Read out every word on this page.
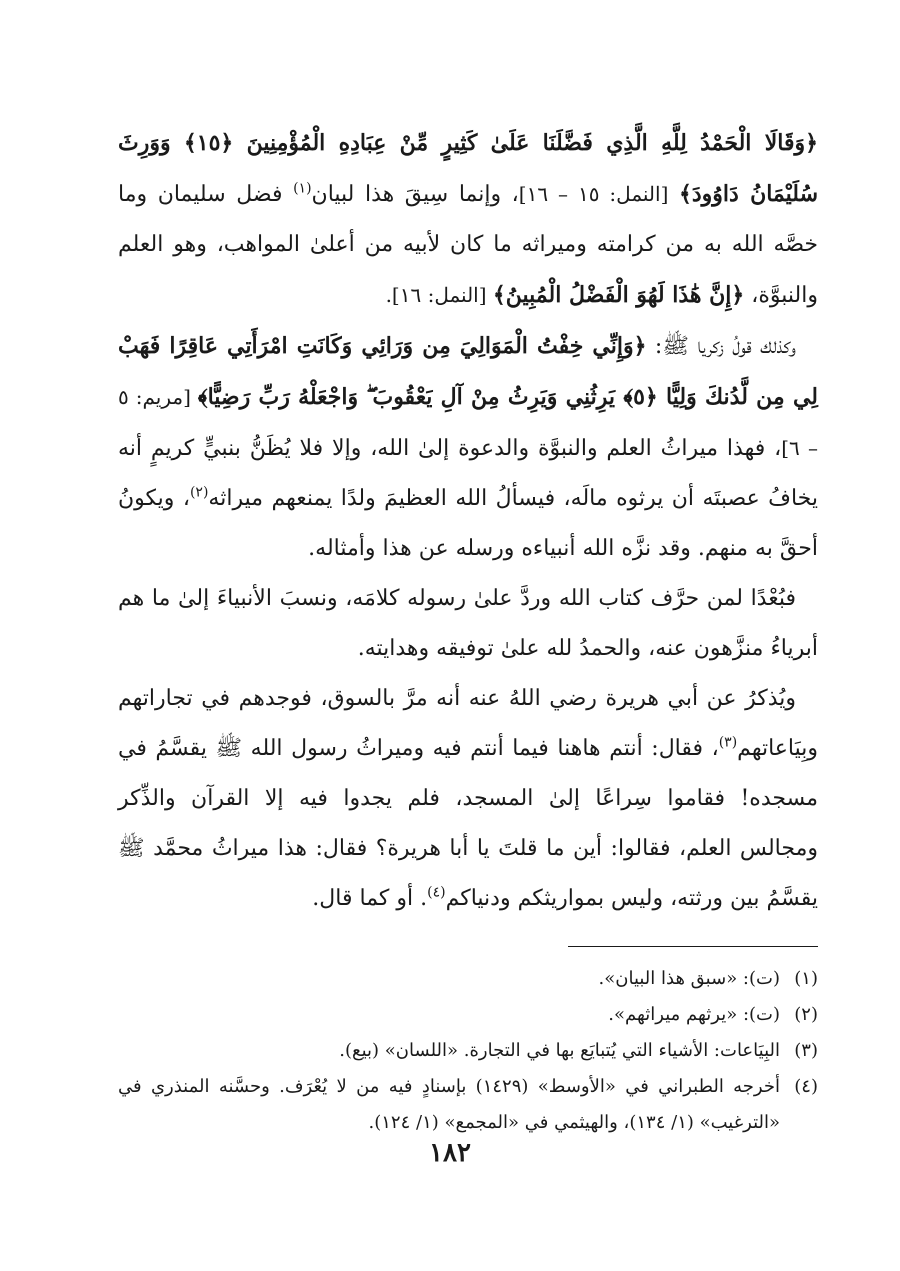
﴿وَقَالَا الْحَمْدُ لِلَّهِ الَّذِي فَضَّلَنَا عَلَىٰ كَثِيرٍ مِّنْ عِبَادِهِ الْمُؤْمِنِينَ ﴿١٥﴾ وَوَرِثَ سُلَيْمَانُ دَاوُودَ﴾ [النمل: ١٥ – ١٦]، وإنما سِيقَ هذا لبيان$^{(١)}$ فضل سليمان وما خصَّه الله به من كرامته وميراثه ما كان لأبيه من أعلىٰ المواهب، وهو العلم والنبوَّة، ﴿إِنَّ هَٰذَا لَهُوَ الْفَضْلُ الْمُبِينُ﴾ [النمل: ١٦].

وكذلك قولُ زكريا ﷺ: ﴿وَإِنِّي خِفْتُ الْمَوَالِيَ مِن وَرَائِي وَكَانَتِ امْرَأَتِي عَاقِرًا فَهَبْ لِي مِن لَّدُنكَ وَلِيًّا ﴿٥﴾ يَرِثُنِي وَيَرِثُ مِنْ آلِ يَعْقُوبَ ۖ وَاجْعَلْهُ رَبِّ رَضِيًّا﴾ [مريم: ٥ – ٦]، فهذا ميراثُ العلم والنبوَّة والدعوة إلىٰ الله، وإلا فلا يُظَنُّ بنبيٍّ كريمٍ أنه يخافُ عصبتَه أن يرثوه مالَه، فيسألُ الله العظيمَ ولدًا يمنعهم ميراثه$^{(٢)}$، ويكونُ أحقَّ به منهم. وقد نزَّه الله أنبياءه ورسله عن هذا وأمثاله.

فبُعْدًا لمن حرَّف كتاب الله وردَّ علىٰ رسوله كلامَه، ونسبَ الأنبياءَ إلىٰ ما هم أبرياءُ منزَّهون عنه، والحمدُ لله علىٰ توفيقه وهدايته.

ويُذكرُ عن أبي هريرة رضي اللهُ عنه أنه مرَّ بالسوق، فوجدهم في تجاراتهم وبِيَاعاتهم$^{(٣)}$، فقال: أنتم هاهنا فيما أنتم فيه وميراثُ رسول الله ﷺ يقسَّمُ في مسجده! فقاموا سِراعًا إلىٰ المسجد، فلم يجدوا فيه إلا القرآن والذِّكر ومجالس العلم، فقالوا: أين ما قلتَ يا أبا هريرة؟ فقال: هذا ميراثُ محمَّد ﷺ يقسَّمُ بين ورثته، وليس بمواريثكم ودنياكم$^{(٤)}$. أو كما قال.

(١)
(ت): «سبق هذا البيان».

(٢)
(ت): «يرثهم ميراثهم».

(٣)
البِيَاعات: الأشياء التي يُتبايَع بها في التجارة. «اللسان» (بيع).

(٤)
أخرجه الطبراني في «الأوسط» (١٤٢٩) بإسنادٍ فيه من لا يُعْرَف. وحسَّنه المنذري في «الترغيب» (١/ ١٣٤)، والهيثمي في «المجمع» (١/ ١٢٤).

١٨٢
